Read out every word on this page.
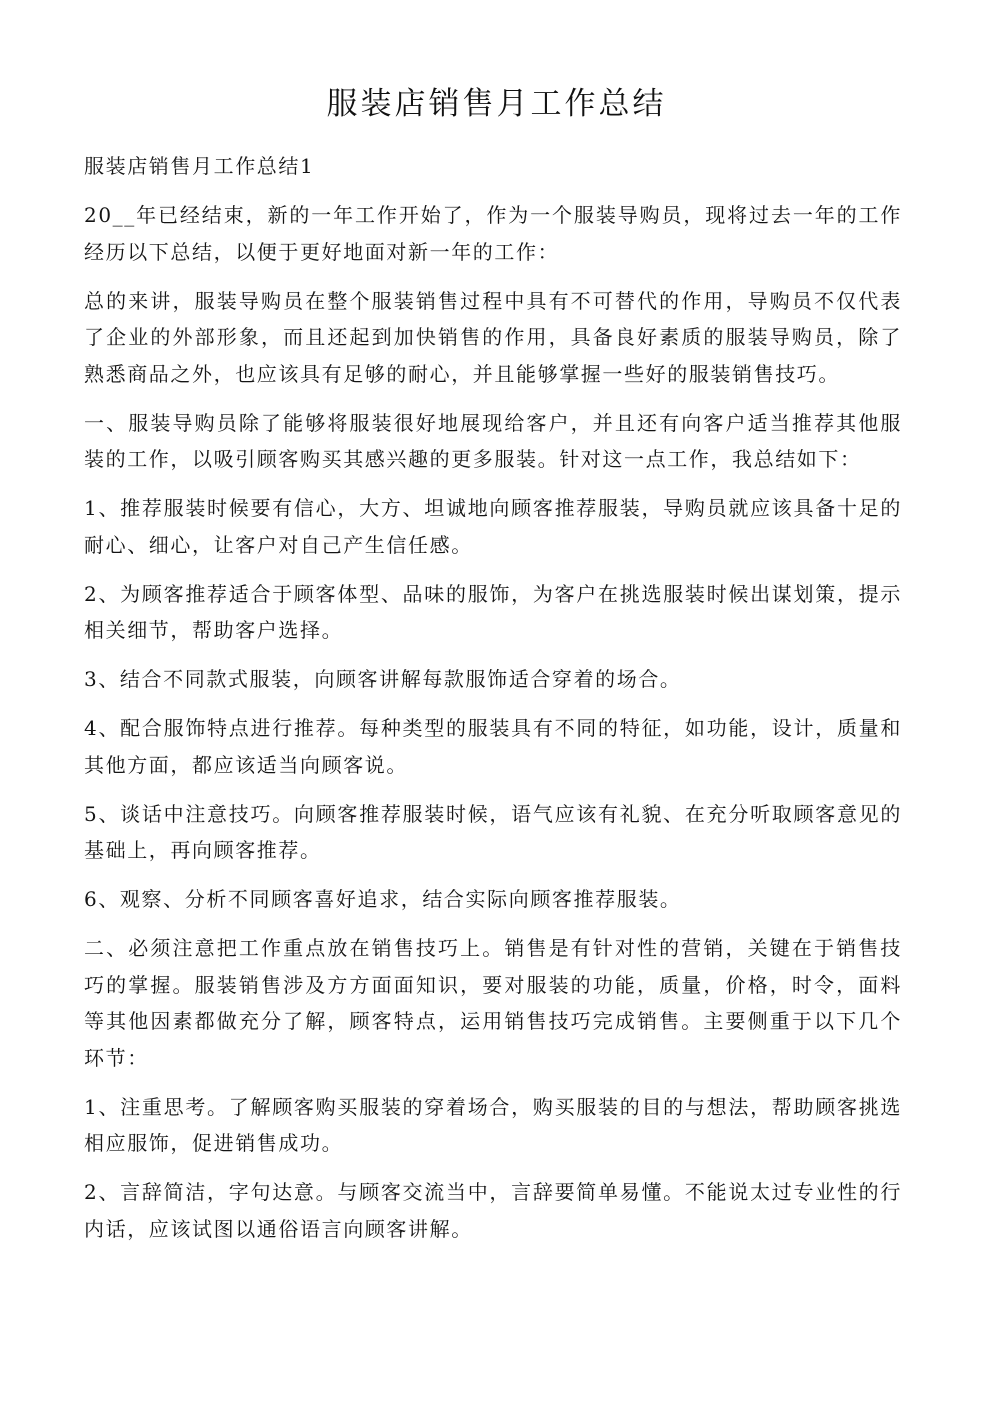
服装店销售月工作总结

服装店销售月工作总结1

20__年已经结束，新的一年工作开始了，作为一个服装导购员，现将过去一年的工作经历以下总结，以便于更好地面对新一年的工作：

总的来讲，服装导购员在整个服装销售过程中具有不可替代的作用，导购员不仅代表了企业的外部形象，而且还起到加快销售的作用，具备良好素质的服装导购员，除了熟悉商品之外，也应该具有足够的耐心，并且能够掌握一些好的服装销售技巧。

一、服装导购员除了能够将服装很好地展现给客户，并且还有向客户适当推荐其他服装的工作，以吸引顾客购买其感兴趣的更多服装。针对这一点工作，我总结如下：

1、推荐服装时候要有信心，大方、坦诚地向顾客推荐服装，导购员就应该具备十足的耐心、细心，让客户对自己产生信任感。

2、为顾客推荐适合于顾客体型、品味的服饰，为客户在挑选服装时候出谋划策，提示相关细节，帮助客户选择。

3、结合不同款式服装，向顾客讲解每款服饰适合穿着的场合。

4、配合服饰特点进行推荐。每种类型的服装具有不同的特征，如功能，设计，质量和其他方面，都应该适当向顾客说。

5、谈话中注意技巧。向顾客推荐服装时候，语气应该有礼貌、在充分听取顾客意见的基础上，再向顾客推荐。

6、观察、分析不同顾客喜好追求，结合实际向顾客推荐服装。

二、必须注意把工作重点放在销售技巧上。销售是有针对性的营销，关键在于销售技巧的掌握。服装销售涉及方方面面知识，要对服装的功能，质量，价格，时令，面料等其他因素都做充分了解，顾客特点，运用销售技巧完成销售。主要侧重于以下几个环节：

1、注重思考。了解顾客购买服装的穿着场合，购买服装的目的与想法，帮助顾客挑选相应服饰，促进销售成功。

2、言辞简洁，字句达意。与顾客交流当中，言辞要简单易懂。不能说太过专业性的行内话，应该试图以通俗语言向顾客讲解。
